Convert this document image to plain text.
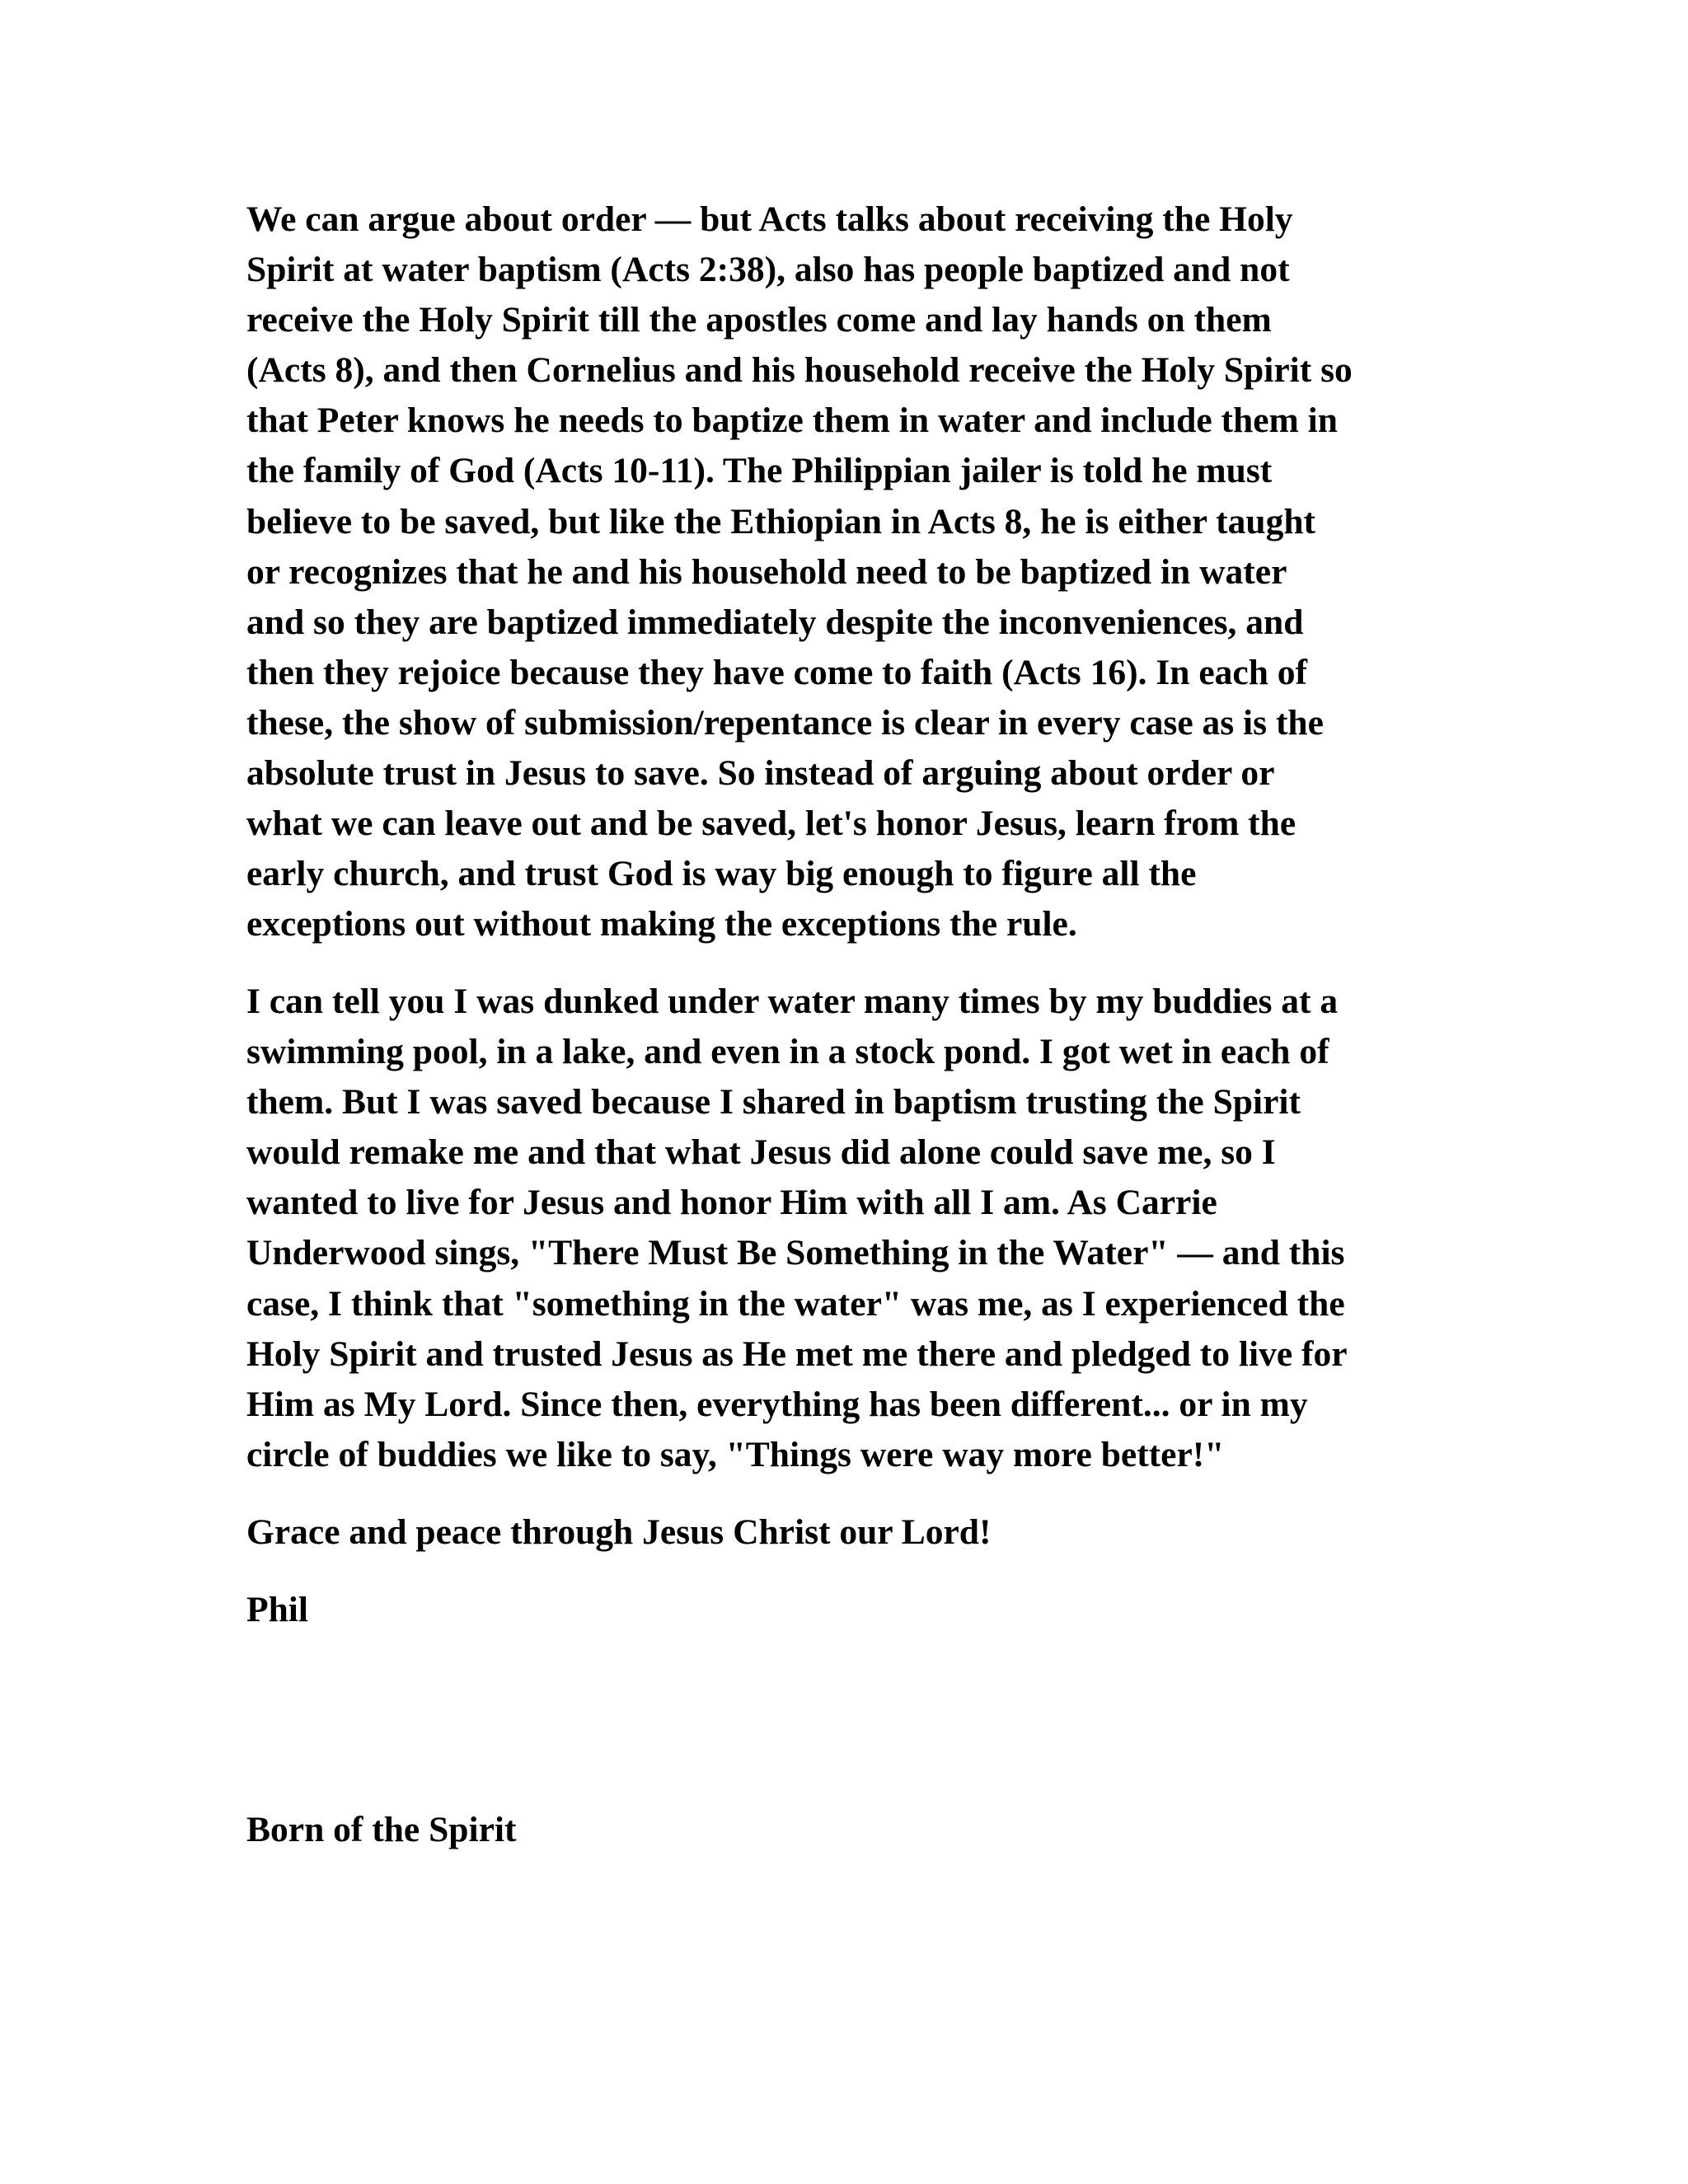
We can argue about order — but Acts talks about receiving the Holy
Spirit at water baptism (Acts 2:38), also has people baptized and not
receive the Holy Spirit till the apostles come and lay hands on them
(Acts 8), and then Cornelius and his household receive the Holy Spirit so
that Peter knows he needs to baptize them in water and include them in
the family of God (Acts 10-11). The Philippian jailer is told he must
believe to be saved, but like the Ethiopian in Acts 8, he is either taught
or recognizes that he and his household need to be baptized in water
and so they are baptized immediately despite the inconveniences, and
then they rejoice because they have come to faith (Acts 16). In each of
these, the show of submission/repentance is clear in every case as is the
absolute trust in Jesus to save. So instead of arguing about order or
what we can leave out and be saved, let's honor Jesus, learn from the
early church, and trust God is way big enough to figure all the
exceptions out without making the exceptions the rule.
I can tell you I was dunked under water many times by my buddies at a
swimming pool, in a lake, and even in a stock pond. I got wet in each of
them. But I was saved because I shared in baptism trusting the Spirit
would remake me and that what Jesus did alone could save me, so I
wanted to live for Jesus and honor Him with all I am. As Carrie
Underwood sings, "There Must Be Something in the Water" — and this
case, I think that "something in the water" was me, as I experienced the
Holy Spirit and trusted Jesus as He met me there and pledged to live for
Him as My Lord. Since then, everything has been different... or in my
circle of buddies we like to say, "Things were way more better!"
Grace and peace through Jesus Christ our Lord!
Phil
Born of the Spirit
